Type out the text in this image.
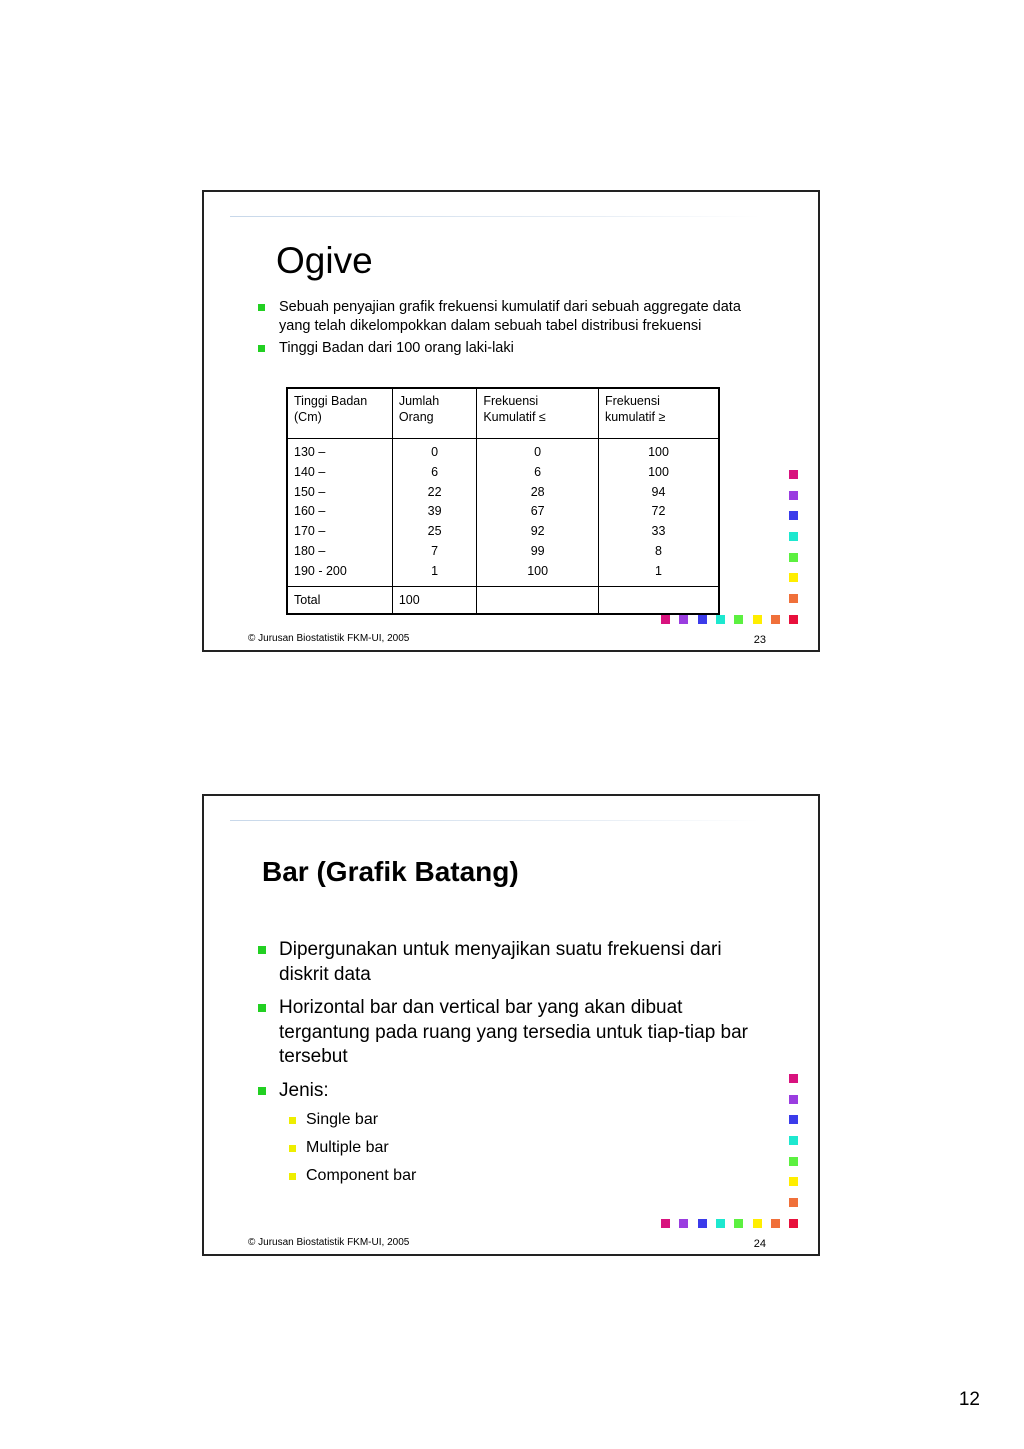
Ogive
Sebuah penyajian grafik frekuensi kumulatif dari sebuah aggregate data yang telah dikelompokkan dalam sebuah tabel distribusi frekuensi
Tinggi Badan dari 100 orang laki-laki
Tinggi Badan (Cm)	Jumlah Orang	Frekuensi Kumulatif ≤	Frekuensi kumulatif ≥
130 –	0	0	100
140 –	6	6	100
150 –	22	28	94
160 –	39	67	72
170 –	25	92	33
180 –	7	99	8
190 - 200	1	100	1
Total	100		
© Jurusan Biostatistik FKM-UI, 2005	23
Bar (Grafik Batang)
Dipergunakan untuk menyajikan suatu frekuensi dari diskrit data
Horizontal bar dan vertical bar yang akan dibuat tergantung pada ruang yang tersedia untuk tiap-tiap bar tersebut
Jenis:
Single bar
Multiple bar
Component bar
© Jurusan Biostatistik FKM-UI, 2005	24
12
